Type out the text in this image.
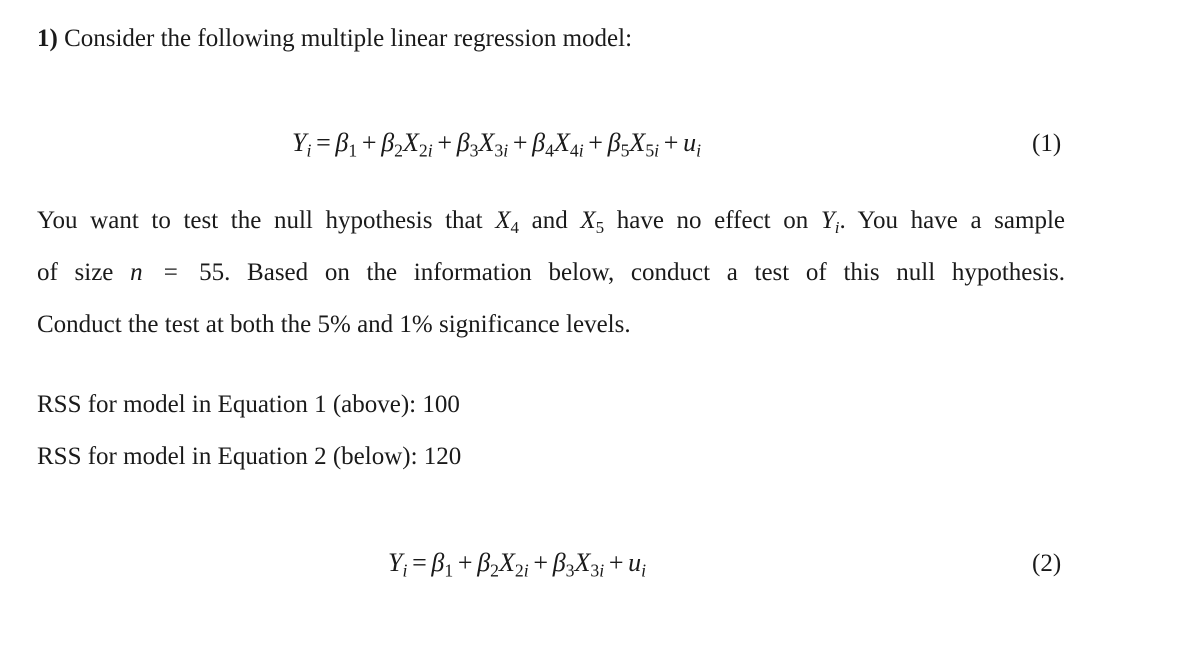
1) Consider the following multiple linear regression model:
$Y_i = \beta_1 + \beta_2X_{2i} + \beta_3X_{3i} + \beta_4X_{4i} + \beta_5X_{5i} + u_i$	(1)
You want to test the null hypothesis that $X_4$ and $X_5$ have no effect on $Y_i$. You have a sample
of size n = 55. Based on the information below, conduct a test of this null hypothesis.
Conduct the test at both the 5% and 1% significance levels.
RSS for model in Equation 1 (above): 100
RSS for model in Equation 2 (below): 120
$Y_i = \beta_1 + \beta_2X_{2i} + \beta_3X_{3i} + u_i$	(2)
